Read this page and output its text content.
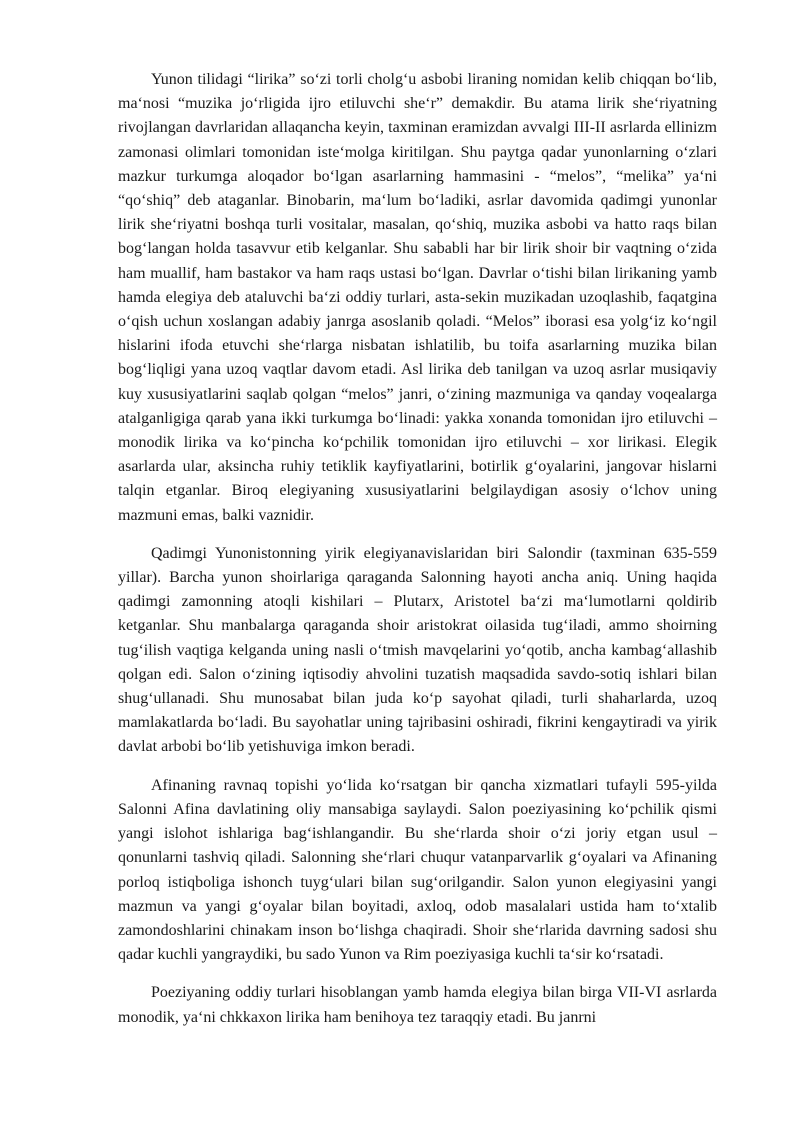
Yunon tilidagi “lirika” so‘zi torli cholg‘u asbobi liraning nomidan kelib chiqqan bo‘lib, ma‘nosi “muzika jo‘rligida ijro etiluvchi she‘r” demakdir. Bu atama lirik she‘riyatning rivojlangan davrlaridan allaqancha keyin, taxminan eramizdan avvalgi III-II asrlarda ellinizm zamonasi olimlari tomonidan iste‘molga kiritilgan. Shu paytga qadar yunonlarning o‘zlari mazkur turkumga aloqador bo‘lgan asarlarning hammasini - “melos”, “melika” ya‘ni “qo‘shiq” deb ataganlar. Binobarin, ma‘lum bo‘ladiki, asrlar davomida qadimgi yunonlar lirik she‘riyatni boshqa turli vositalar, masalan, qo‘shiq, muzika asbobi va hatto raqs bilan bog‘langan holda tasavvur etib kelganlar. Shu sababli har bir lirik shoir bir vaqtning o‘zida ham muallif, ham bastakor va ham raqs ustasi bo‘lgan. Davrlar o‘tishi bilan lirikaning yamb hamda elegiya deb ataluvchi ba‘zi oddiy turlari, asta-sekin muzikadan uzoqlashib, faqatgina o‘qish uchun xoslangan adabiy janrga asoslanib qoladi. “Melos” iborasi esa yolg‘iz ko‘ngil hislarini ifoda etuvchi she‘rlarga nisbatan ishlatilib, bu toifa asarlarning muzika bilan bog‘liqligi yana uzoq vaqtlar davom etadi. Asl lirika deb tanilgan va uzoq asrlar musiqaviy kuy xususiyatlarini saqlab qolgan “melos” janri, o‘zining mazmuniga va qanday voqealarga atalganligiga qarab yana ikki turkumga bo‘linadi: yakka xonanda tomonidan ijro etiluvchi – monodik lirika va ko‘pincha ko‘pchilik tomonidan ijro etiluvchi – xor lirikasi. Elegik asarlarda ular, aksincha ruhiy tetiklik kayfiyatlarini, botirlik g‘oyalarini, jangovar hislarni talqin etganlar. Biroq elegiyaning xususiyatlarini belgilaydigan asosiy o‘lchov uning mazmuni emas, balki vaznidir.

Qadimgi Yunonistonning yirik elegiyanavislaridan biri Salondir (taxminan 635-559 yillar). Barcha yunon shoirlariga qaraganda Salonning hayoti ancha aniq. Uning haqida qadimgi zamonning atoqli kishilari – Plutarx, Aristotel ba‘zi ma‘lumotlarni qoldirib ketganlar. Shu manbalarga qaraganda shoir aristokrat oilasida tug‘iladi, ammo shoirning tug‘ilish vaqtiga kelganda uning nasli o‘tmish mavqelarini yo‘qotib, ancha kambag‘allashib qolgan edi. Salon o‘zining iqtisodiy ahvolini tuzatish maqsadida savdo-sotiq ishlari bilan shug‘ullanadi. Shu munosabat bilan juda ko‘p sayohat qiladi, turli shaharlarda, uzoq mamlakatlarda bo‘ladi. Bu sayohatlar uning tajribasini oshiradi, fikrini kengaytiradi va yirik davlat arbobi bo‘lib yetishuviga imkon beradi.

Afinaning ravnaq topishi yo‘lida ko‘rsatgan bir qancha xizmatlari tufayli 595-yilda Salonni Afina davlatining oliy mansabiga saylaydi. Salon poeziyasining ko‘pchilik qismi yangi islohot ishlariga bag‘ishlangandir. Bu she‘rlarda shoir o‘zi joriy etgan usul – qonunlarni tashviq qiladi. Salonning she‘rlari chuqur vatanparvarlik g‘oyalari va Afinaning porloq istiqboliga ishonch tuyg‘ulari bilan sug‘orilgandir. Salon yunon elegiyasini yangi mazmun va yangi g‘oyalar bilan boyitadi, axloq, odob masalalari ustida ham to‘xtalib zamondoshlarini chinakam inson bo‘lishga chaqiradi. Shoir she‘rlarida davrning sadosi shu qadar kuchli yangraydiki, bu sado Yunon va Rim poeziyasiga kuchli ta‘sir ko‘rsatadi.

Poeziyaning oddiy turlari hisoblangan yamb hamda elegiya bilan birga VII-VI asrlarda monodik, ya‘ni chkkaxon lirika ham benihoya tez taraqqiy etadi. Bu janrni
